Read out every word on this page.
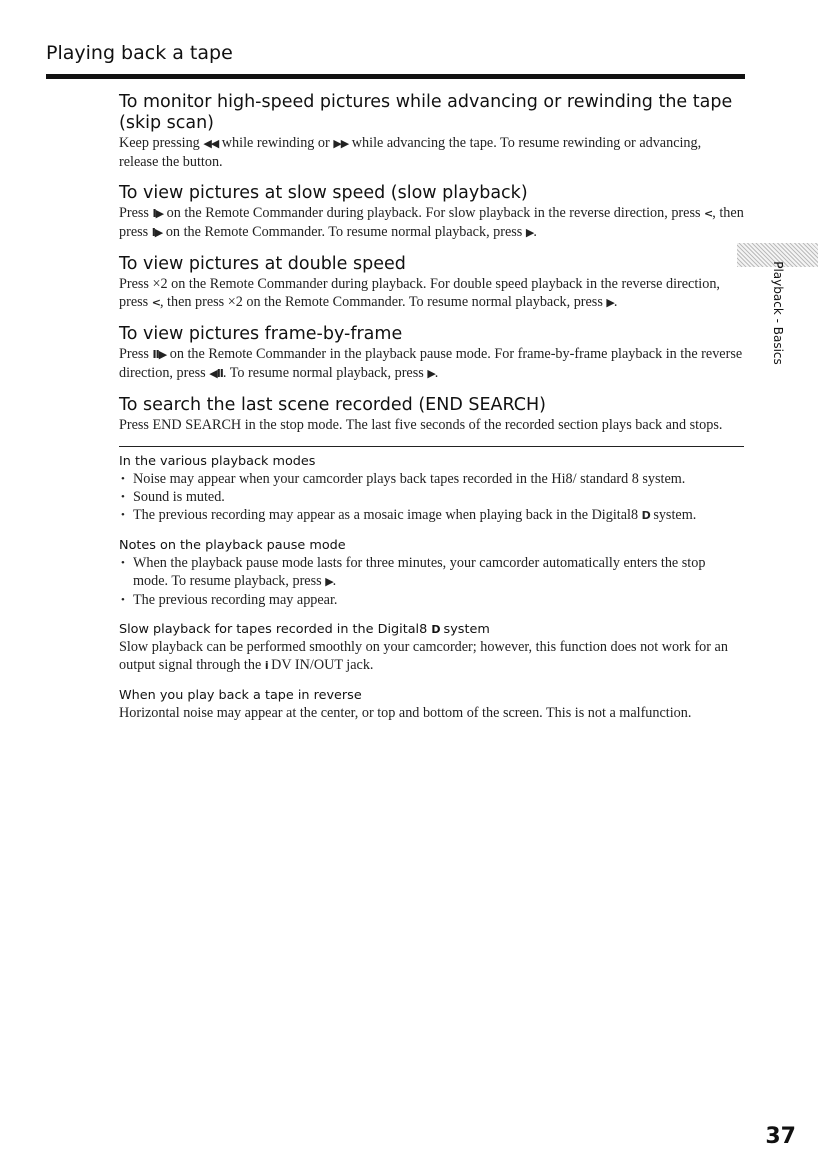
Playing back a tape
Playback - Basics

To monitor high-speed pictures while advancing or rewinding the tape (skip scan)

Keep pressing ◀◀ while rewinding or ▶▶ while advancing the tape. To resume rewinding or advancing, release the button.

To view pictures at slow speed (slow playback)

Press I▶ on the Remote Commander during playback. For slow playback in the reverse direction, press <, then press I▶ on the Remote Commander. To resume normal playback, press ▶.

To view pictures at double speed

Press ×2 on the Remote Commander during playback. For double speed playback in the reverse direction, press <, then press ×2 on the Remote Commander. To resume normal playback, press ▶.

To view pictures frame-by-frame

Press II▶ on the Remote Commander in the playback pause mode. For frame-by-frame playback in the reverse direction, press ◀II. To resume normal playback, press ▶.

To search the last scene recorded (END SEARCH)

Press END SEARCH in the stop mode. The last five seconds of the recorded section plays back and stops.

In the various playback modes

• Noise may appear when your camcorder plays back tapes recorded in the Hi8/ standard 8 system.
• Sound is muted.
• The previous recording may appear as a mosaic image when playing back in the Digital8 D system.

Notes on the playback pause mode

• When the playback pause mode lasts for three minutes, your camcorder automatically enters the stop mode. To resume playback, press ▶.
• The previous recording may appear.

Slow playback for tapes recorded in the Digital8 D system

Slow playback can be performed smoothly on your camcorder; however, this function does not work for an output signal through the i DV IN/OUT jack.

When you play back a tape in reverse

Horizontal noise may appear at the center, or top and bottom of the screen. This is not a malfunction.

37
